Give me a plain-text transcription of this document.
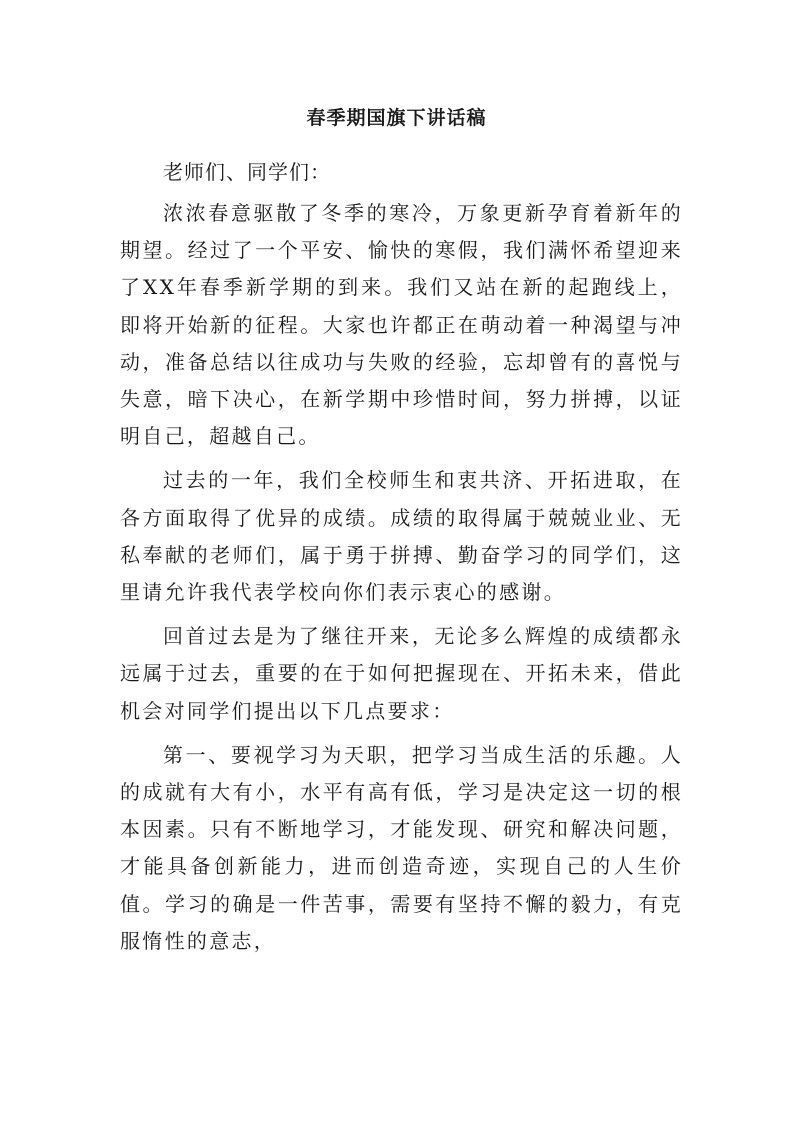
春季期国旗下讲话稿

老师们、同学们：

浓浓春意驱散了冬季的寒冷，万象更新孕育着新年的期望。经过了一个平安、愉快的寒假，我们满怀希望迎来了XX年春季新学期的到来。我们又站在新的起跑线上，即将开始新的征程。大家也许都正在萌动着一种渴望与冲动，准备总结以往成功与失败的经验，忘却曾有的喜悦与失意，暗下决心，在新学期中珍惜时间，努力拼搏，以证明自己，超越自己。

过去的一年，我们全校师生和衷共济、开拓进取，在各方面取得了优异的成绩。成绩的取得属于兢兢业业、无私奉献的老师们，属于勇于拼搏、勤奋学习的同学们，这里请允许我代表学校向你们表示衷心的感谢。

回首过去是为了继往开来，无论多么辉煌的成绩都永远属于过去，重要的在于如何把握现在、开拓未来，借此机会对同学们提出以下几点要求：

第一、要视学习为天职，把学习当成生活的乐趣。人的成就有大有小，水平有高有低，学习是决定这一切的根本因素。只有不断地学习，才能发现、研究和解决问题，才能具备创新能力，进而创造奇迹，实现自己的人生价值。学习的确是一件苦事，需要有坚持不懈的毅力，有克服惰性的意志，
